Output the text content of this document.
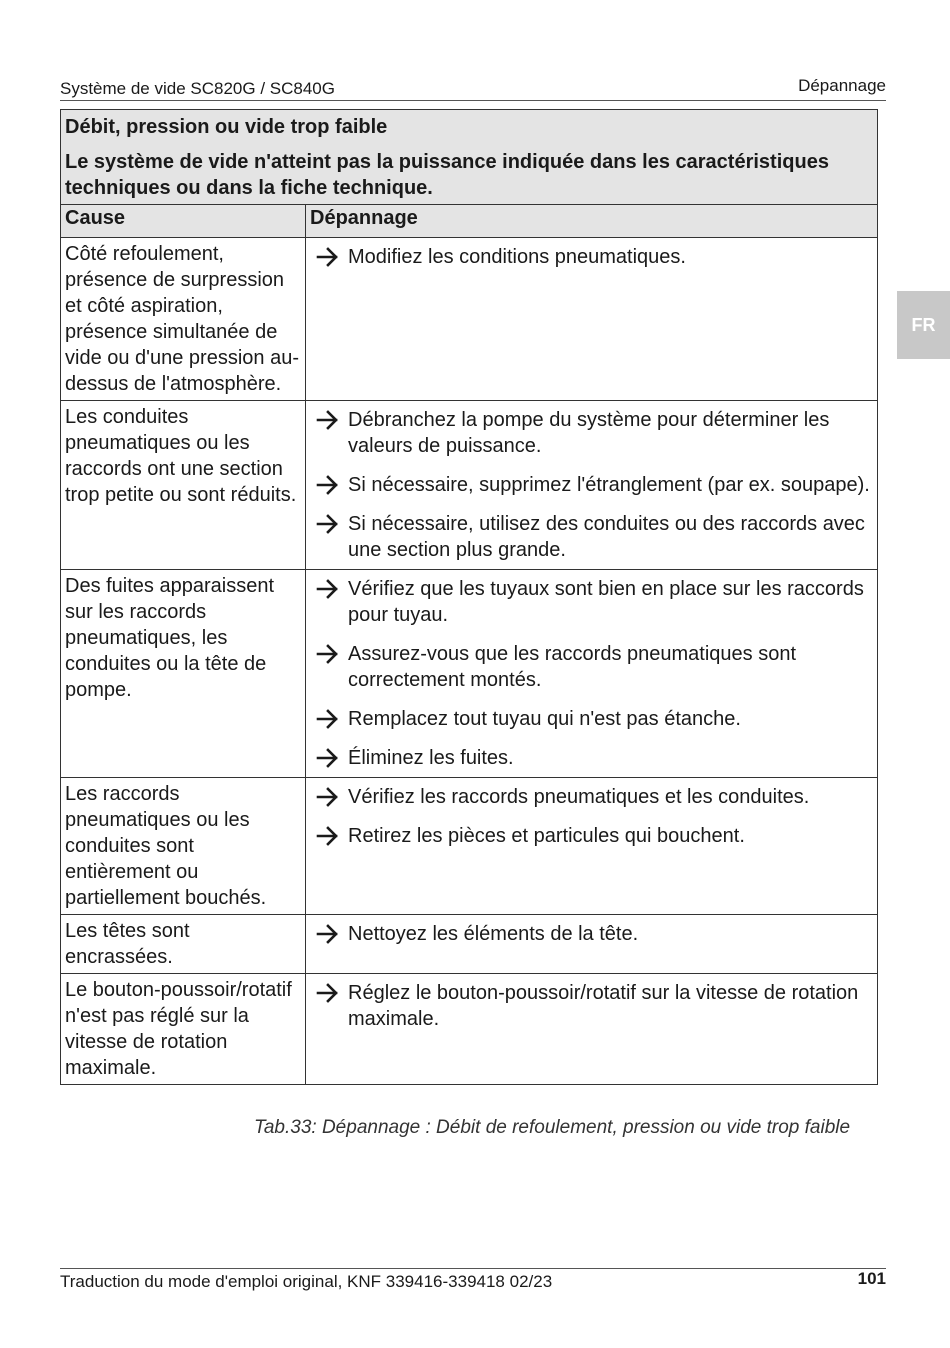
Système de vide SC820G / SC840G	Dépannage
FR
Débit, pression ou vide trop faible
Le système de vide n'atteint pas la puissance indiquée dans les caractéristiques techniques ou dans la fiche technique.	
Cause	Dépannage
Côté refoulement, présence de surpression et côté aspiration, présence simultanée de vide ou d'une pression au-dessus de l'atmosphère.	Modifiez les conditions pneumatiques.

Les conduites pneumatiques ou les raccords ont une section trop petite ou sont réduits.	Débranchez la pompe du système pour déterminer les valeurs de puissance.
Si nécessaire, supprimez l'étranglement (par ex. soupape).
Si nécessaire, utilisez des conduites ou des raccords avec une section plus grande.

Des fuites apparaissent sur les raccords pneumatiques, les conduites ou la tête de pompe.	Vérifiez que les tuyaux sont bien en place sur les raccords pour tuyau.
Assurez-vous que les raccords pneumatiques sont correctement montés.
Remplacez tout tuyau qui n'est pas étanche.
Éliminez les fuites.

Les raccords pneumatiques ou les conduites sont entièrement ou partiellement bouchés.	Vérifiez les raccords pneumatiques et les conduites.
Retirez les pièces et particules qui bouchent.

Les têtes sont encrassées.	Nettoyez les éléments de la tête.

Le bouton-poussoir/rotatif n'est pas réglé sur la vitesse de rotation maximale.	Réglez le bouton-poussoir/rotatif sur la vitesse de rotation maximale.
Tab.33: Dépannage : Débit de refoulement, pression ou vide trop faible
Traduction du mode d'emploi original, KNF 339416-339418 02/23	101
